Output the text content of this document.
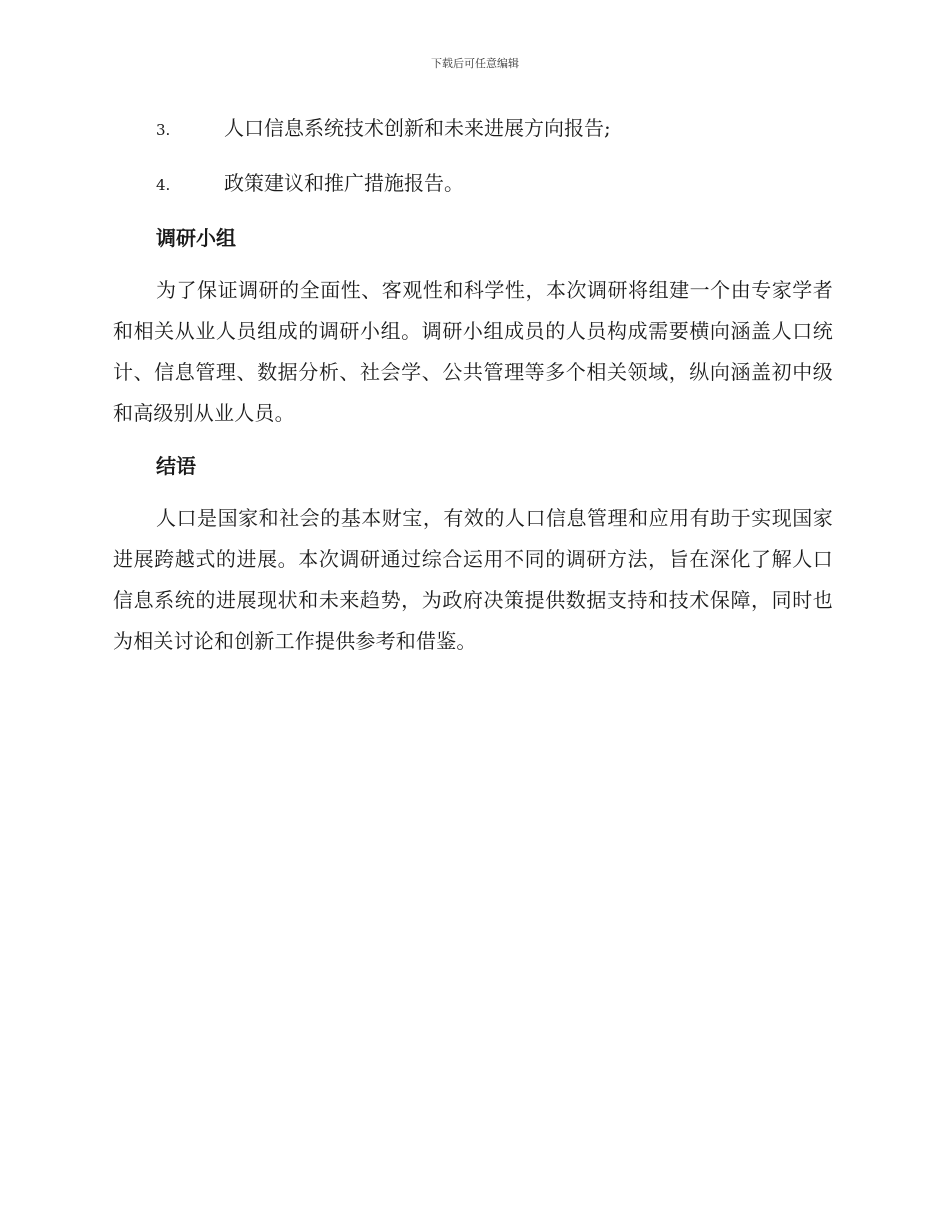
下载后可任意编辑
3.	人口信息系统技术创新和未来进展方向报告;
4.	政策建议和推广措施报告。
调研小组

为了保证调研的全面性、客观性和科学性，本次调研将组建一个由专家学者和相关从业人员组成的调研小组。调研小组成员的人员构成需要横向涵盖人口统计、信息管理、数据分析、社会学、公共管理等多个相关领域，纵向涵盖初中级和高级别从业人员。

结语

人口是国家和社会的基本财宝，有效的人口信息管理和应用有助于实现国家进展跨越式的进展。本次调研通过综合运用不同的调研方法，旨在深化了解人口信息系统的进展现状和未来趋势，为政府决策提供数据支持和技术保障，同时也为相关讨论和创新工作提供参考和借鉴。
